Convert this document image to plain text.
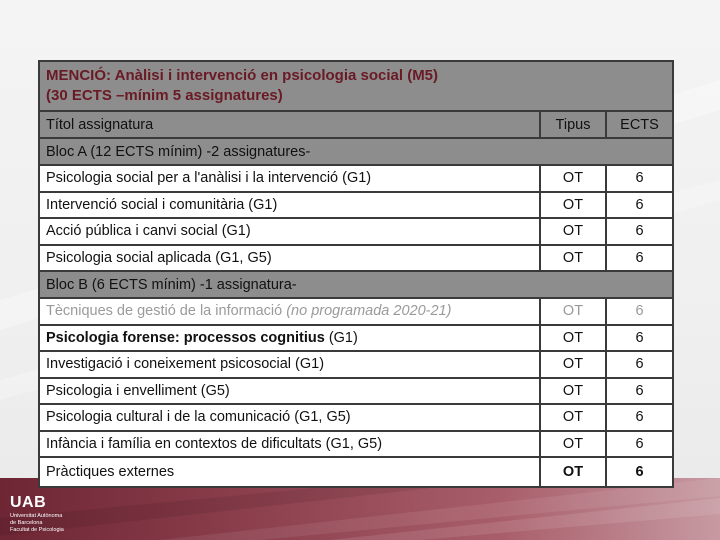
MENCIÓ: Anàlisi i intervenció en psicologia social (M5)
(30 ECTS –mínim 5 assignatures)		

Títol assignatura	Tipus	ECTS
Bloc A (12 ECTS mínim) -2 assignatures-		
Psicologia social per a l'anàlisi i la intervenció (G1)	OT	6
Intervenció social i comunitària (G1)	OT	6
Acció pública i canvi social (G1)	OT	6
Psicologia social aplicada (G1, G5)	OT	6
Bloc B (6 ECTS mínim) -1 assignatura-		
Tècniques de gestió de la informació (no programada 2020-21)	OT	6
Psicologia forense: processos cognitius (G1)	OT	6
Investigació i coneixement psicosocial (G1)	OT	6
Psicologia i envelliment (G5)	OT	6
Psicologia cultural i de la comunicació (G1, G5)	OT	6
Infància i família en contextos de dificultats (G1, G5)	OT	6
Pràctiques externes	OT	6
UAB
Universitat Autònoma
de Barcelona
Facultat de Psicologia
